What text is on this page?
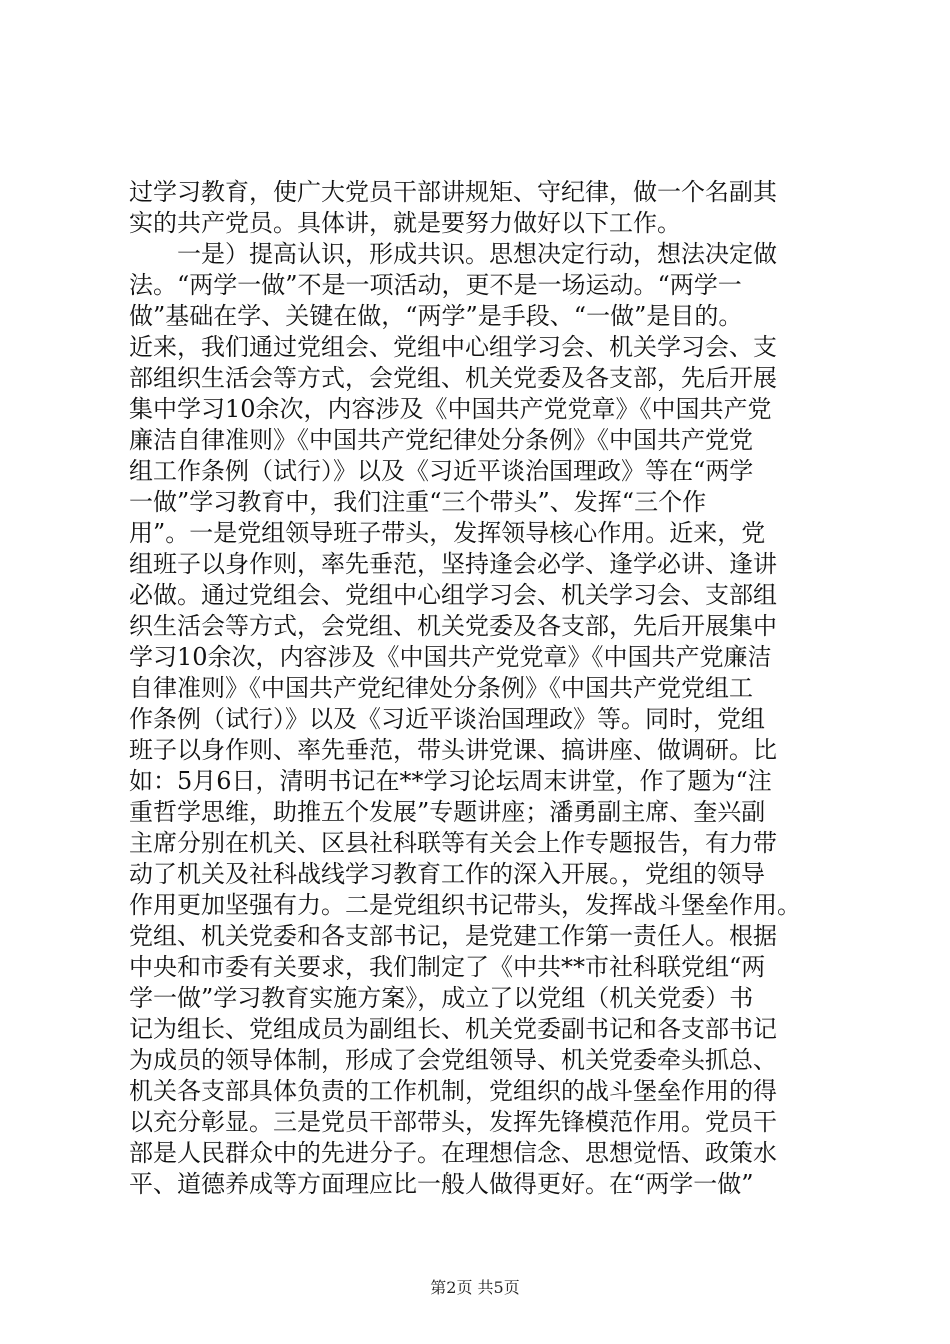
过学习教育，使广大党员干部讲规矩、守纪律，做一个名副其
实的共产党员。具体讲，就是要努力做好以下工作。
一是）提高认识，形成共识。思想决定行动，想法决定做
法。“两学一做”不是一项活动，更不是一场运动。“两学一
做”基础在学、关键在做，“两学”是手段、“一做”是目的。
近来，我们通过党组会、党组中心组学习会、机关学习会、支
部组织生活会等方式，会党组、机关党委及各支部，先后开展
集中学习10余次，内容涉及《中国共产党党章》《中国共产党
廉洁自律准则》《中国共产党纪律处分条例》《中国共产党党
组工作条例（试行）》以及《习近平谈治国理政》等在“两学
一做”学习教育中，我们注重“三个带头”、发挥“三个作
用”。一是党组领导班子带头，发挥领导核心作用。近来，党
组班子以身作则，率先垂范，坚持逢会必学、逢学必讲、逢讲
必做。通过党组会、党组中心组学习会、机关学习会、支部组
织生活会等方式，会党组、机关党委及各支部，先后开展集中
学习10余次，内容涉及《中国共产党党章》《中国共产党廉洁
自律准则》《中国共产党纪律处分条例》《中国共产党党组工
作条例（试行）》以及《习近平谈治国理政》等。同时，党组
班子以身作则、率先垂范，带头讲党课、搞讲座、做调研。比
如：5月6日，清明书记在**学习论坛周末讲堂，作了题为“注
重哲学思维，助推五个发展”专题讲座；潘勇副主席、奎兴副
主席分别在机关、区县社科联等有关会上作专题报告，有力带
动了机关及社科战线学习教育工作的深入开展。，党组的领导
作用更加坚强有力。二是党组织书记带头，发挥战斗堡垒作用。
党组、机关党委和各支部书记，是党建工作第一责任人。根据
中央和市委有关要求，我们制定了《中共**市社科联党组“两
学一做”学习教育实施方案》，成立了以党组（机关党委）书
记为组长、党组成员为副组长、机关党委副书记和各支部书记
为成员的领导体制，形成了会党组领导、机关党委牵头抓总、
机关各支部具体负责的工作机制，党组织的战斗堡垒作用的得
以充分彰显。三是党员干部带头，发挥先锋模范作用。党员干
部是人民群众中的先进分子。在理想信念、思想觉悟、政策水
平、道德养成等方面理应比一般人做得更好。在“两学一做”
第2页 共5页
